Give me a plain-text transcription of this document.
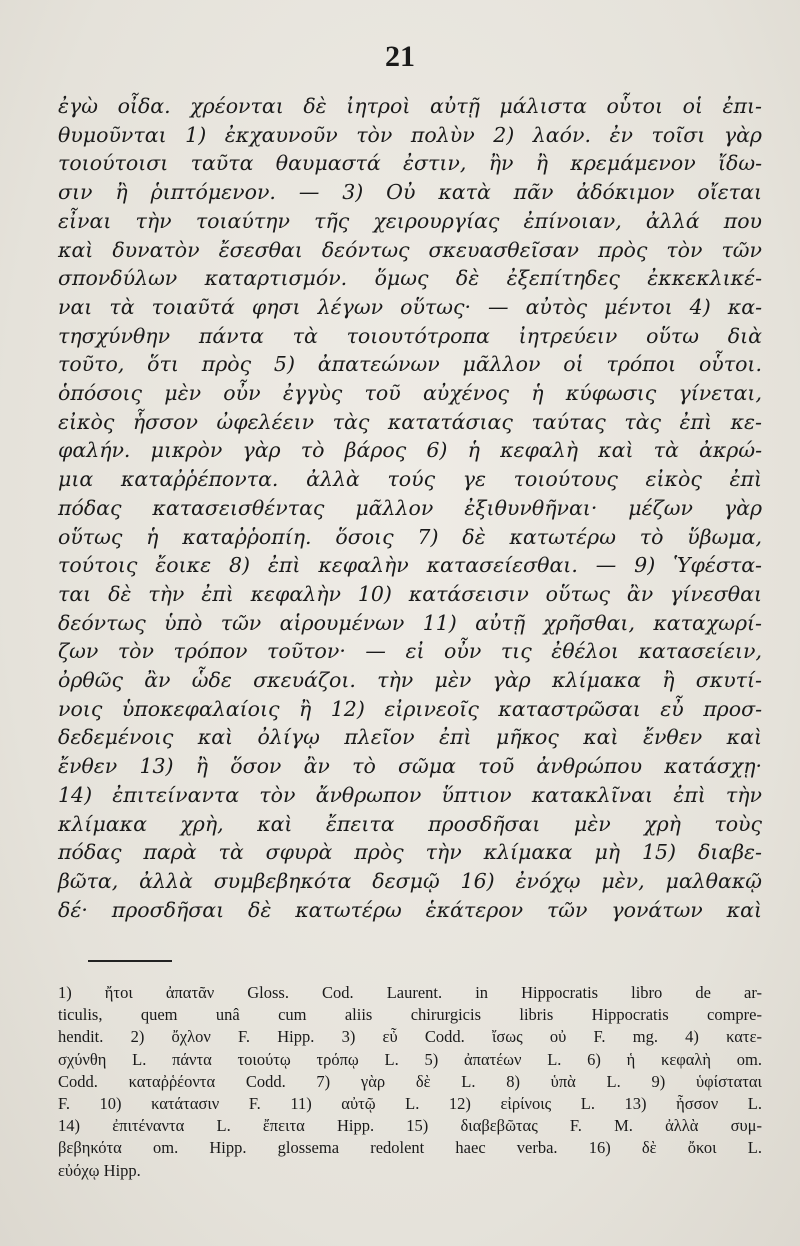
21
ἐγὼ οἶδα. χρέονται δὲ ἰητροὶ αὐτῇ μάλιστα οὗτοι οἱ ἐπι-
θυμοῦνται 1) ἐκχαυνοῦν τὸν πολὺν 2) λαόν. ἐν τοῖσι γὰρ
τοιούτοισι ταῦτα θαυμαστά ἐστιν, ἢν ἢ κρεμάμενον ἴδω-
σιν ἢ ῥιπτόμενον. — 3) Οὐ κατὰ πᾶν ἀδόκιμον οἴεται
εἶναι τὴν τοιαύτην τῆς χειρουργίας ἐπίνοιαν, ἀλλά που
καὶ δυνατὸν ἔσεσθαι δεόντως σκευασθεῖσαν πρὸς τὸν τῶν
σπονδύλων καταρτισμόν. ὅμως δὲ ἐξεπίτηδες ἐκκεκλικέ-
ναι τὰ τοιαῦτά φησι λέγων οὕτως· — αὐτὸς μέντοι 4) κα-
τησχύνθην πάντα τὰ τοιουτότροπα ἰητρεύειν οὕτω διὰ
τοῦτο, ὅτι πρὸς 5) ἀπατεώνων μᾶλλον οἱ τρόποι οὗτοι.
ὁπόσοις μὲν οὖν ἐγγὺς τοῦ αὐχένος ἡ κύφωσις γίνεται,
εἰκὸς ἧσσον ὠφελέειν τὰς κατατάσιας ταύτας τὰς ἐπὶ κε-
φαλήν. μικρὸν γὰρ τὸ βάρος 6) ἡ κεφαλὴ καὶ τὰ ἀκρώ-
μια καταῤῥέποντα. ἀλλὰ τούς γε τοιούτους εἰκὸς ἐπὶ
πόδας κατασεισθέντας μᾶλλον ἐξιθυνθῆναι· μέζων γὰρ
οὕτως ἡ καταῤῥοπίη. ὅσοις 7) δὲ κατωτέρω τὸ ὕβωμα,
τούτοις ἔοικε 8) ἐπὶ κεφαλὴν κατασείεσθαι. — 9) Ὑφέστα-
ται δὲ τὴν ἐπὶ κεφαλὴν 10) κατάσεισιν οὕτως ἂν γίνεσθαι
δεόντως ὑπὸ τῶν αἱρουμένων 11) αὐτῇ χρῆσθαι, καταχωρί-
ζων τὸν τρόπον τοῦτον· — εἰ οὖν τις ἐθέλοι κατασείειν,
ὀρθῶς ἂν ὧδε σκευάζοι. τὴν μὲν γὰρ κλίμακα ἢ σκυτί-
νοις ὑποκεφαλαίοις ἢ 12) εἰρινεοῖς καταστρῶσαι εὖ προσ-
δεδεμένοις καὶ ὀλίγῳ πλεῖον ἐπὶ μῆκος καὶ ἔνθεν καὶ
ἔνθεν 13) ἢ ὅσον ἂν τὸ σῶμα τοῦ ἀνθρώπου κατάσχῃ·
14) ἐπιτείναντα τὸν ἄνθρωπον ὕπτιον κατακλῖναι ἐπὶ τὴν
κλίμακα χρὴ, καὶ ἔπειτα προσδῆσαι μὲν χρὴ τοὺς
πόδας παρὰ τὰ σφυρὰ πρὸς τὴν κλίμακα μὴ 15) διαβε-
βῶτα, ἀλλὰ συμβεβηκότα δεσμῷ 16) ἐνόχῳ μὲν, μαλθακῷ
δέ· προσδῆσαι δὲ κατωτέρω ἑκάτερον τῶν γονάτων καὶ
1) ἤτοι ἀπατᾶν Gloss. Cod. Laurent. in Hippocratis libro de ar-
ticulis, quem unâ cum aliis chirurgicis libris Hippocratis compre-
hendit. 2) ὄχλον F. Hipp. 3) εὖ Codd. ἴσως οὐ F. mg. 4) κατε-
σχύνθη L. πάντα τοιούτῳ τρόπῳ L. 5) ἀπατέων L. 6) ἡ κεφαλὴ om.
Codd. καταῤῥέοντα Codd. 7) γὰρ δὲ L. 8) ὑπὰ L. 9) ὑφίσταται
F. 10) κατάτασιν F. 11) αὐτῷ L. 12) εἰρίνοις L. 13) ἧσσον L.
14) ἐπιτέναντα L. ἔπειτα Hipp. 15) διαβεβῶτας F. M. ἀλλὰ συμ-
βεβηκότα om. Hipp. glossema redolent haec verba. 16) δὲ ὄκοι L.
εὐόχῳ Hipp.
